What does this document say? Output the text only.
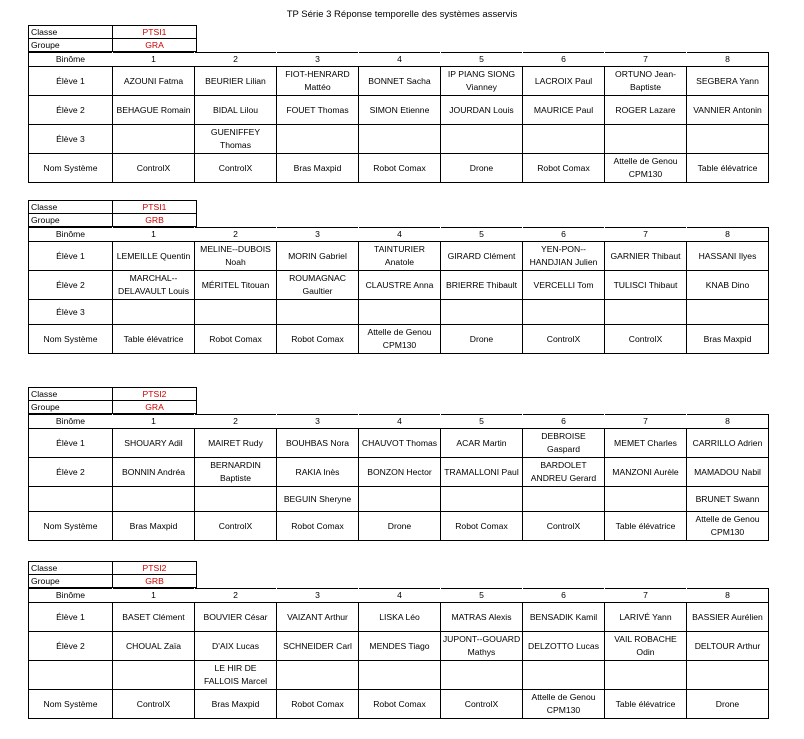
TP Série 3 Réponse temporelle des systèmes asservis
Classe	PTSI1
Groupe	GRA
Binôme	1	2	3	4	5	6	7	8
Élève 1	AZOUNI Fatma	BEURIER Lilian	FIOT-HENRARD Mattéo	BONNET Sacha	IP PIANG SIONG Vianney	LACROIX Paul	ORTUNO Jean-Baptiste	SEGBERA Yann
Élève 2	BEHAGUE Romain	BIDAL Lilou	FOUET Thomas	SIMON Etienne	JOURDAN Louis	MAURICE Paul	ROGER Lazare	VANNIER Antonin
Élève 3		GUENIFFEY Thomas						
Nom Système	ControlX	ControlX	Bras Maxpid	Robot Comax	Drone	Robot Comax	Attelle de Genou CPM130	Table élévatrice
Classe	PTSI1
Groupe	GRB
Binôme	1	2	3	4	5	6	7	8
Élève 1	LEMEILLE Quentin	MELINE--DUBOIS Noah	MORIN Gabriel	TAINTURIER Anatole	GIRARD Clément	YEN-PON--HANDJIAN Julien	GARNIER Thibaut	HASSANI Ilyes
Élève 2	MARCHAL--DELAVAULT Louis	MÉRITEL Titouan	ROUMAGNAC Gaultier	CLAUSTRE Anna	BRIERRE Thibault	VERCELLI Tom	TULISCI Thibaut	KNAB Dino
Élève 3								
Nom Système	Table élévatrice	Robot Comax	Robot Comax	Attelle de Genou CPM130	Drone	ControlX	ControlX	Bras Maxpid
Classe	PTSI2
Groupe	GRA
Binôme	1	2	3	4	5	6	7	8
Élève 1	SHOUARY Adil	MAIRET Rudy	BOUHBAS Nora	CHAUVOT Thomas	ACAR Martin	DEBROISE Gaspard	MEMET Charles	CARRILLO Adrien
Élève 2	BONNIN Andréa	BERNARDIN Baptiste	RAKIA Inès	BONZON Hector	TRAMALLONI Paul	BARDOLET ANDREU Gerard	MANZONI Aurèle	MAMADOU Nabil
			BEGUIN Sheryne					BRUNET Swann
Nom Système	Bras Maxpid	ControlX	Robot Comax	Drone	Robot Comax	ControlX	Table élévatrice	Attelle de Genou CPM130
Classe	PTSI2
Groupe	GRB
Binôme	1	2	3	4	5	6	7	8
Élève 1	BASET Clément	BOUVIER César	VAIZANT Arthur	LISKA Léo	MATRAS Alexis	BENSADIK Kamil	LARIVÉ Yann	BASSIER Aurélien
Élève 2	CHOUAL Zaïa	D'AIX Lucas	SCHNEIDER Carl	MENDES Tiago	JUPONT--GOUARD Mathys	DELZOTTO Lucas	VAIL ROBACHE Odin	DELTOUR Arthur
		LE HIR DE FALLOIS Marcel						
Nom Système	ControlX	Bras Maxpid	Robot Comax	Robot Comax	ControlX	Attelle de Genou CPM130	Table élévatrice	Drone
